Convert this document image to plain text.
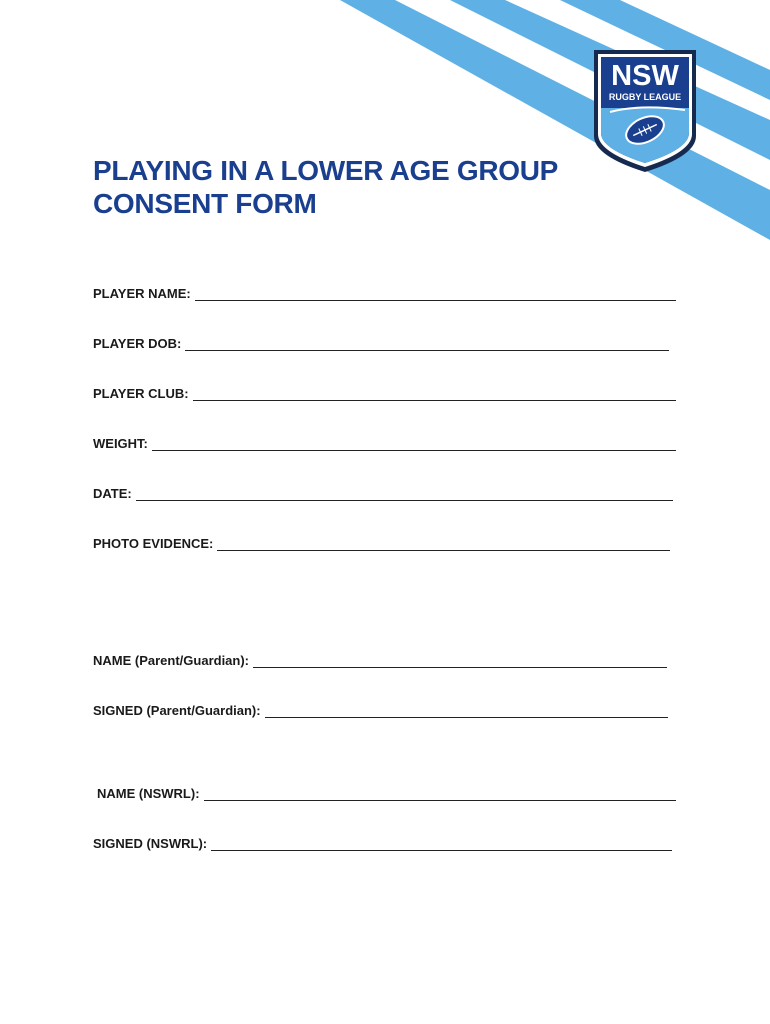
NSW
RUGBY LEAGUE
PLAYING IN A LOWER AGE GROUP
CONSENT FORM
PLAYER NAME:
PLAYER DOB:
PLAYER CLUB:
WEIGHT:
DATE:
PHOTO EVIDENCE:
NAME (Parent/Guardian):
SIGNED (Parent/Guardian):
NAME (NSWRL):
SIGNED (NSWRL):
